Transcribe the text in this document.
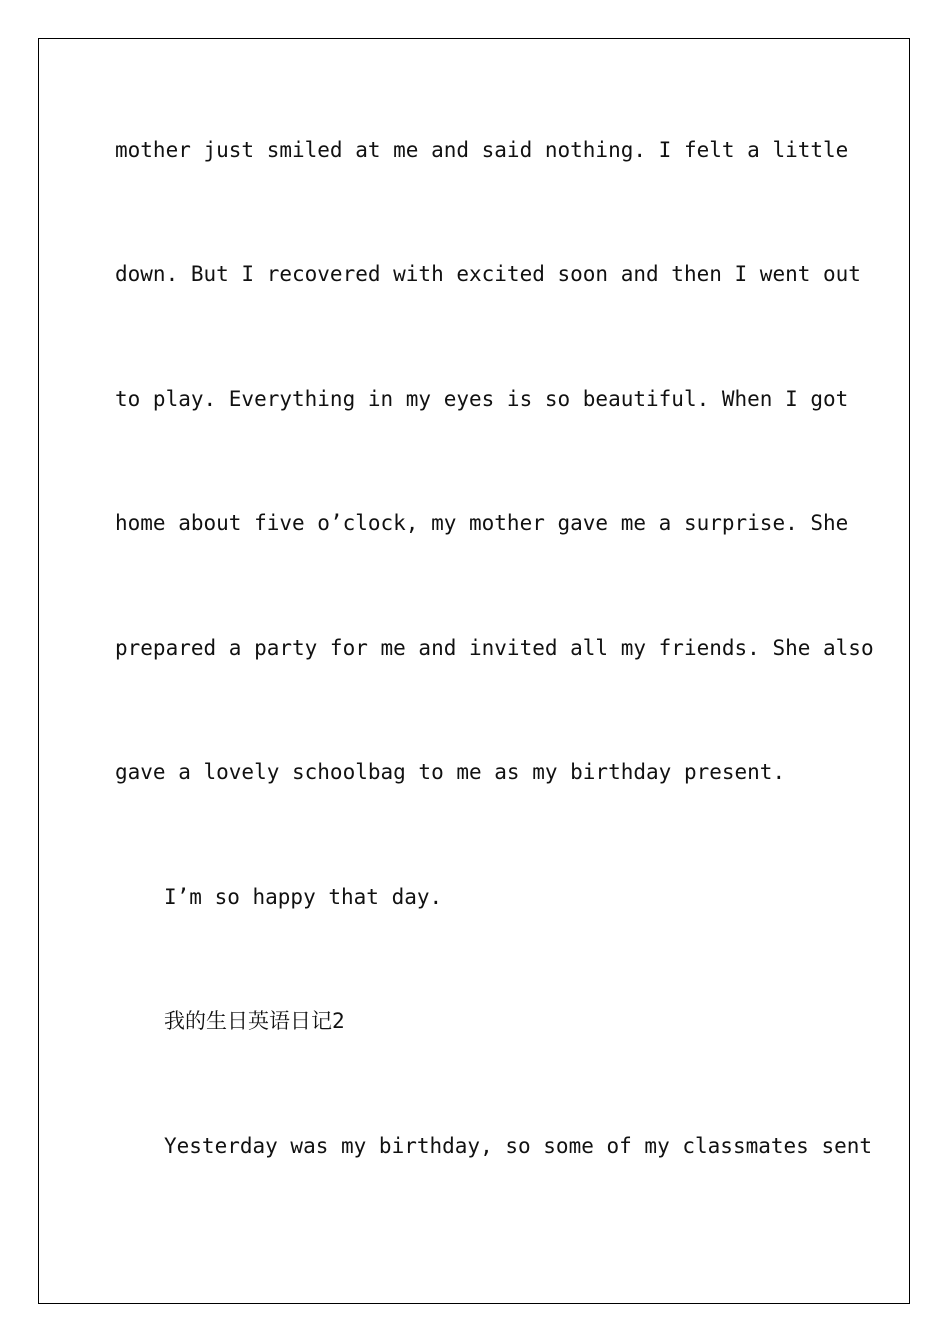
mother just smiled at me and said nothing. I felt a little
down. But I recovered with excited soon and then I went out
to play. Everything in my eyes is so beautiful. When I got
home about five o’clock, my mother gave me a surprise. She
prepared a party for me and invited all my friends. She also
gave a lovely schoolbag to me as my birthday present.
I’m so happy that day.
我的生日英语日记2
Yesterday was my birthday, so some of my classmates sent
